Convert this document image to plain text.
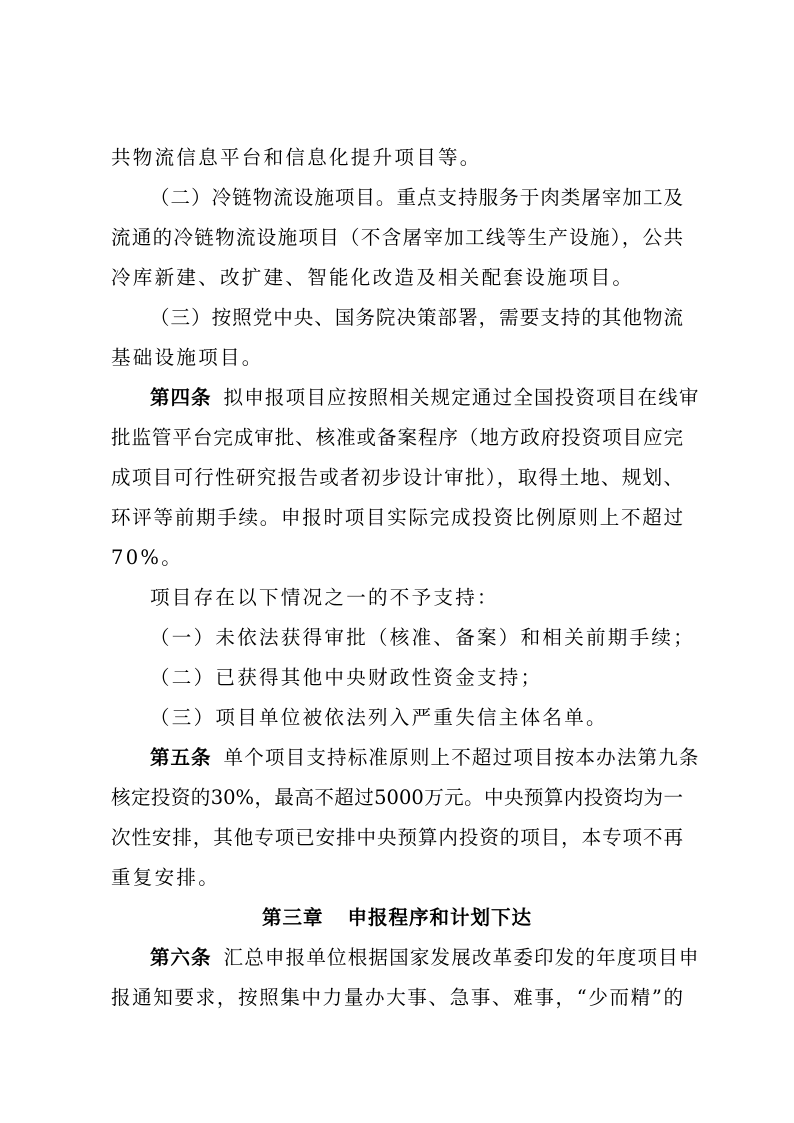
共物流信息平台和信息化提升项目等。
（二）冷链物流设施项目。重点支持服务于肉类屠宰加工及
流通的冷链物流设施项目（不含屠宰加工线等生产设施），公共
冷库新建、改扩建、智能化改造及相关配套设施项目。
（三）按照党中央、国务院决策部署，需要支持的其他物流
基础设施项目。
第四条 拟申报项目应按照相关规定通过全国投资项目在线审
批监管平台完成审批、核准或备案程序（地方政府投资项目应完
成项目可行性研究报告或者初步设计审批），取得土地、规划、
环评等前期手续。申报时项目实际完成投资比例原则上不超过
70%。
项目存在以下情况之一的不予支持：
（一）未依法获得审批（核准、备案）和相关前期手续；
（二）已获得其他中央财政性资金支持；
（三）项目单位被依法列入严重失信主体名单。
第五条 单个项目支持标准原则上不超过项目按本办法第九条
核定投资的30%，最高不超过5000万元。中央预算内投资均为一
次性安排，其他专项已安排中央预算内投资的项目，本专项不再
重复安排。
第三章 申报程序和计划下达
第六条 汇总申报单位根据国家发展改革委印发的年度项目申
报通知要求，按照集中力量办大事、急事、难事，“少而精”的
